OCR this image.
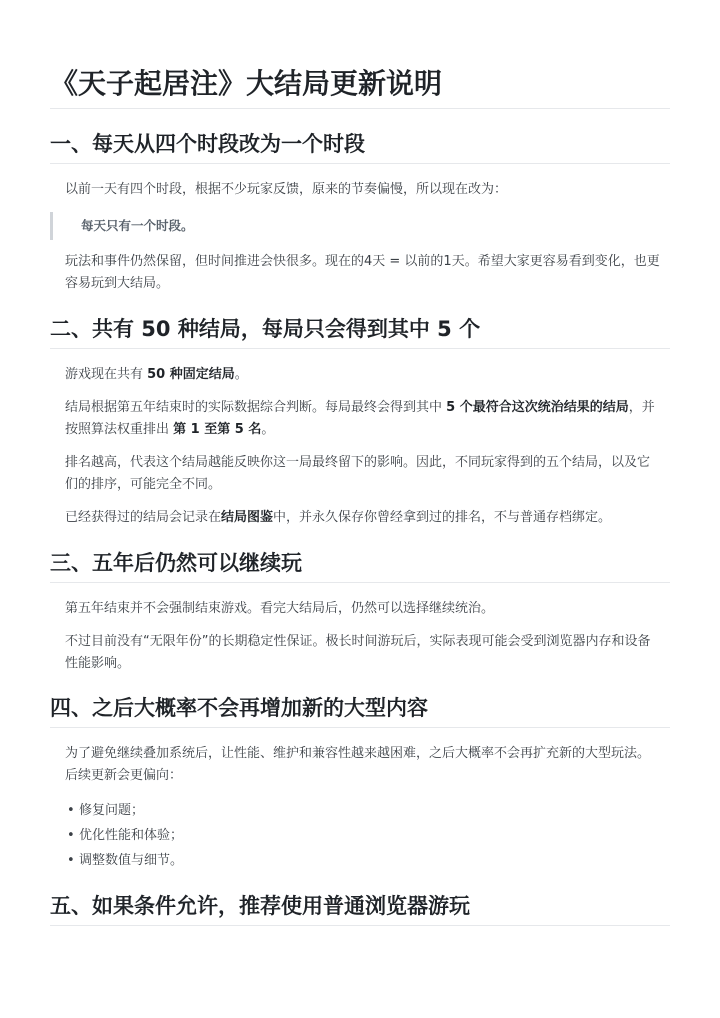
《天子起居注》大结局更新说明
一、每天从四个时段改为一个时段

以前一天有四个时段，根据不少玩家反馈，原来的节奏偏慢，所以现在改为：

每天只有一个时段。

玩法和事件仍然保留，但时间推进会快很多。现在的4天 = 以前的1天。希望大家更容易看到变化，也更容易玩到大结局。

二、共有 50 种结局，每局只会得到其中 5 个

游戏现在共有 50 种固定结局。

结局根据第五年结束时的实际数据综合判断。每局最终会得到其中 5 个最符合这次统治结果的结局，并按照算法权重排出 第 1 至第 5 名。

排名越高，代表这个结局越能反映你这一局最终留下的影响。因此，不同玩家得到的五个结局，以及它们的排序，可能完全不同。

已经获得过的结局会记录在结局图鉴中，并永久保存你曾经拿到过的排名，不与普通存档绑定。

三、五年后仍然可以继续玩

第五年结束并不会强制结束游戏。看完大结局后，仍然可以选择继续统治。

不过目前没有“无限年份”的长期稳定性保证。极长时间游玩后，实际表现可能会受到浏览器内存和设备性能影响。

四、之后大概率不会再增加新的大型内容

为了避免继续叠加系统后，让性能、维护和兼容性越来越困难，之后大概率不会再扩充新的大型玩法。后续更新会更偏向：

• 修复问题；
• 优化性能和体验；
• 调整数值与细节。
五、如果条件允许，推荐使用普通浏览器游玩
